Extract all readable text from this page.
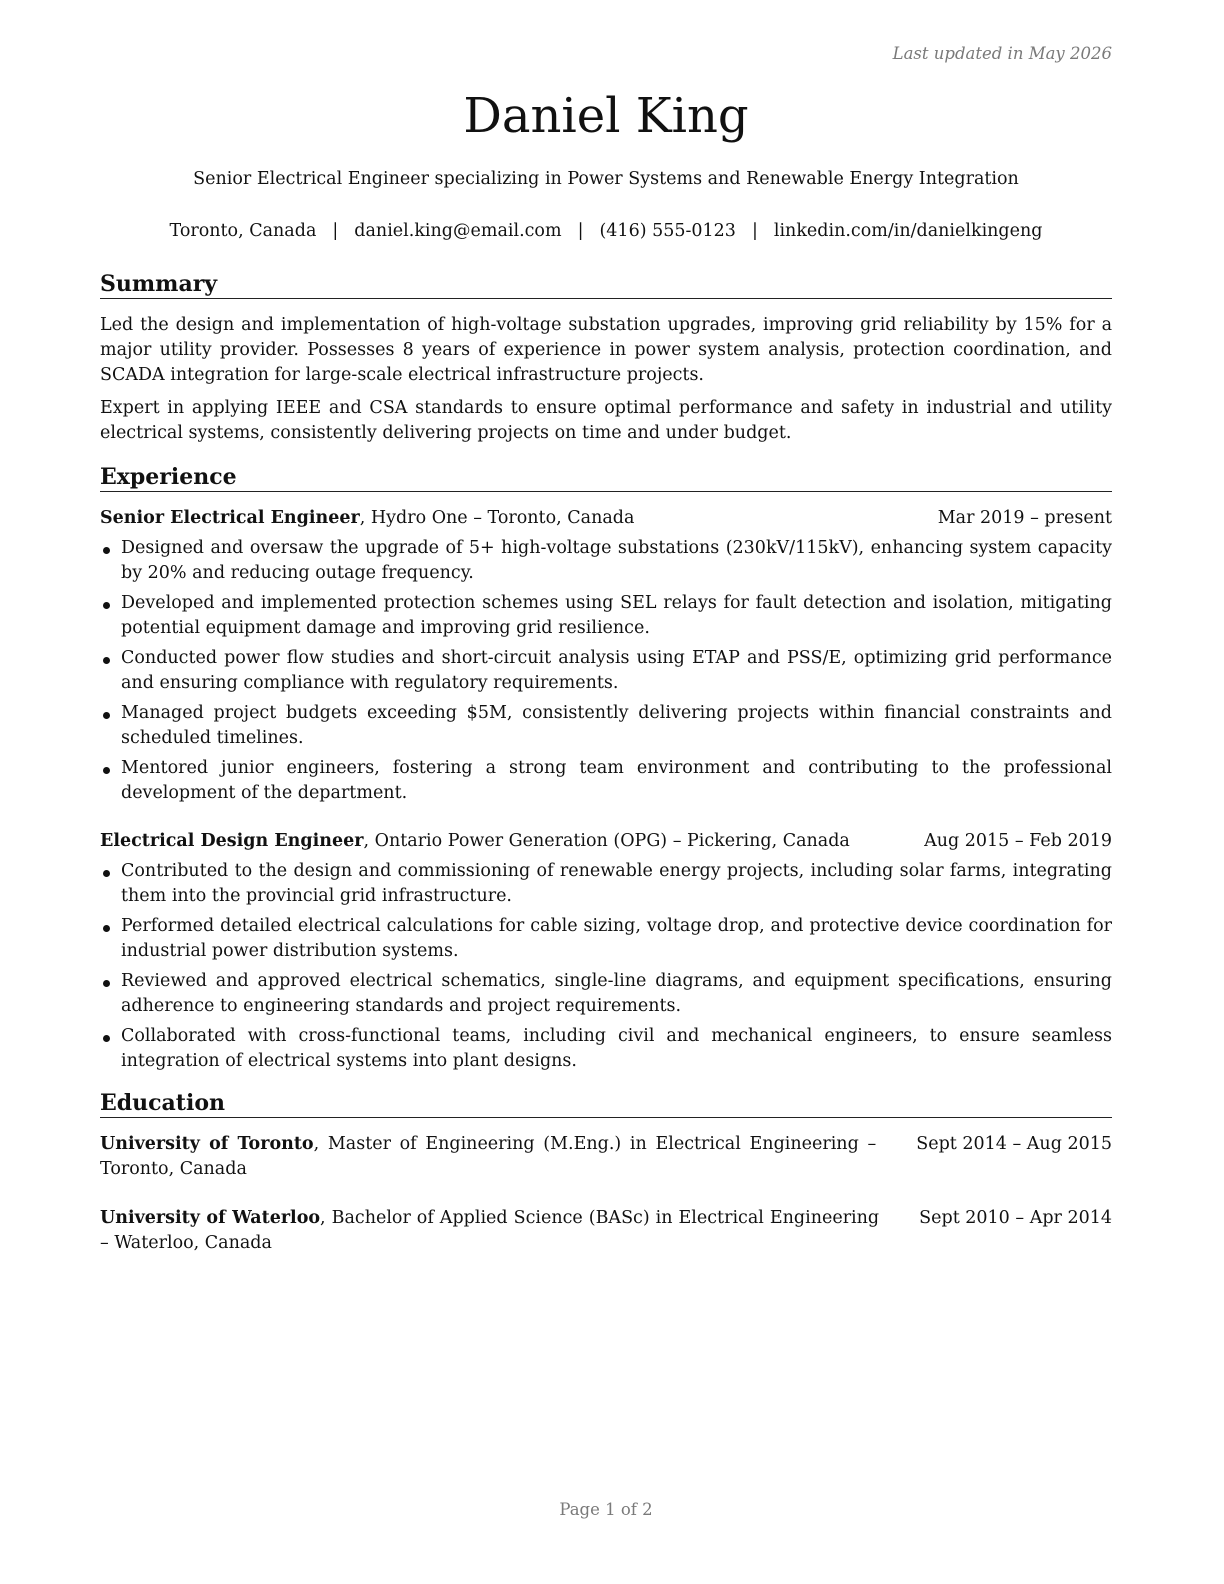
Last updated in May 2026
Daniel King
Senior Electrical Engineer specializing in Power Systems and Renewable Energy Integration
Toronto, Canada | daniel.king@email.com | (416) 555-0123 | linkedin.com/in/danielkingeng
Summary

Led the design and implementation of high-voltage substation upgrades, improving grid reliability by 15% for a major utility provider. Possesses 8 years of experience in power system analysis, protection coordination, and SCADA integration for large-scale electrical infrastructure projects.

Expert in applying IEEE and CSA standards to ensure optimal performance and safety in industrial and utility electrical systems, consistently delivering projects on time and under budget.

Experience
Senior Electrical Engineer, Hydro One – Toronto, Canada	Mar 2019 – present
Designed and oversaw the upgrade of 5+ high-voltage substations (230kV/115kV), enhancing system capacity by 20% and reducing outage frequency.
Developed and implemented protection schemes using SEL relays for fault detection and isolation, mitigating potential equipment damage and improving grid resilience.
Conducted power flow studies and short-circuit analysis using ETAP and PSS/E, optimizing grid performance and ensuring compliance with regulatory requirements.
Managed project budgets exceeding $5M, consistently delivering projects within financial constraints and scheduled timelines.
Mentored junior engineers, fostering a strong team environment and contributing to the professional development of the department.
Electrical Design Engineer, Ontario Power Generation (OPG) – Pickering, Canada	Aug 2015 – Feb 2019
Contributed to the design and commissioning of renewable energy projects, including solar farms, integrating them into the provincial grid infrastructure.
Performed detailed electrical calculations for cable sizing, voltage drop, and protective device coordination for industrial power distribution systems.
Reviewed and approved electrical schematics, single-line diagrams, and equipment specifications, ensuring adherence to engineering standards and project requirements.
Collaborated with cross-functional teams, including civil and mechanical engineers, to ensure seamless integration of electrical systems into plant designs.
Education
University of Toronto, Master of Engineering (M.Eng.) in Electrical Engineering – Toronto, Canada
Sept 2014 – Aug 2015
University of Waterloo, Bachelor of Applied Science (BASc) in Electrical Engineering – Waterloo, Canada
Sept 2010 – Apr 2014
Page 1 of 2
